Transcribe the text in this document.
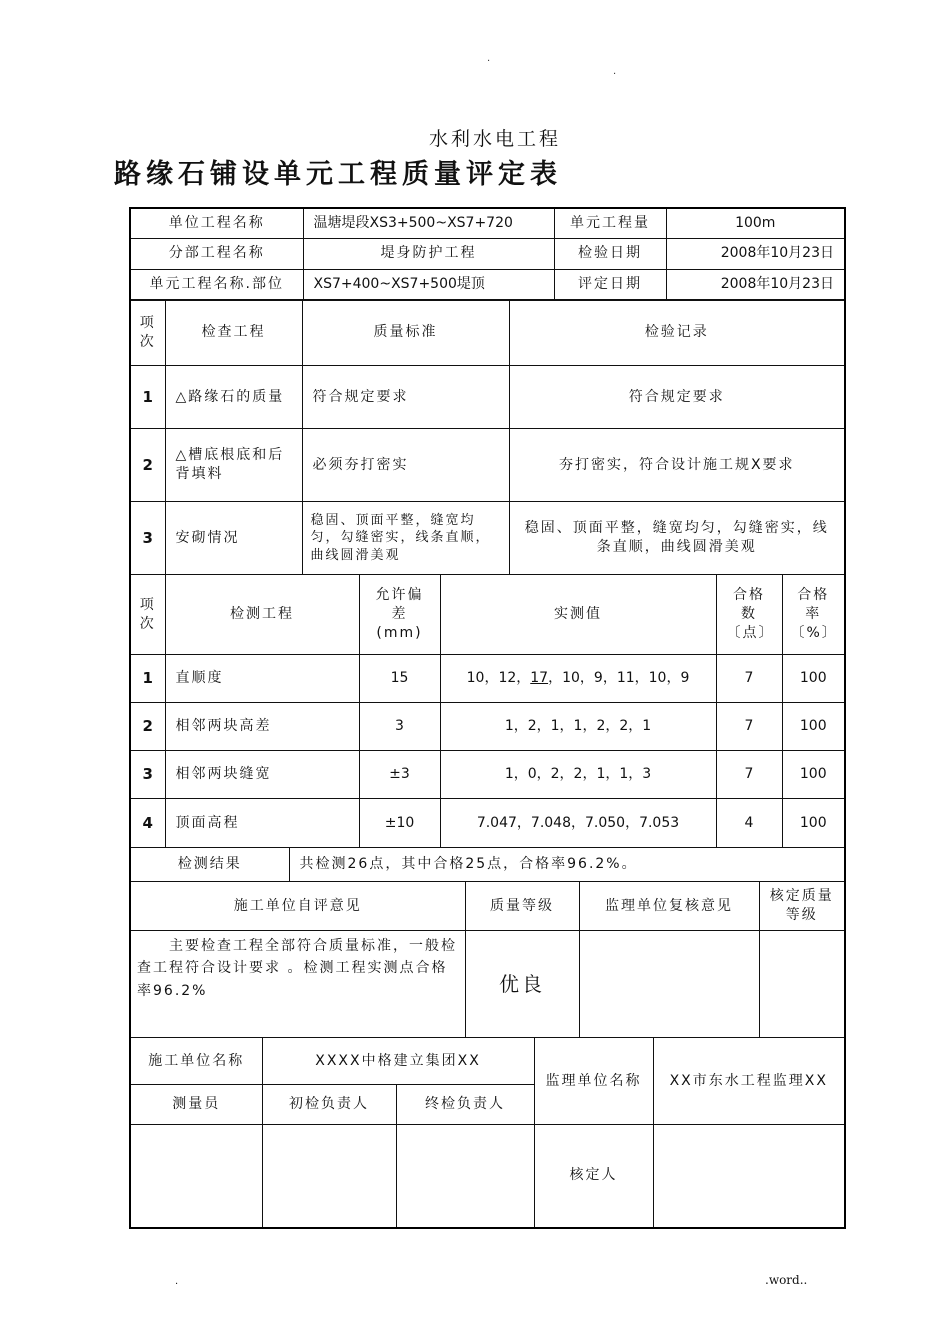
.
.
水利水电工程
路缘石铺设单元工程质量评定表
单位工程名称	温塘堤段XS3+500~XS7+720	单元工程量	100m
分部工程名称	堤身防护工程	检验日期	2008年10月23日
单元工程名称.部位	XS7+400~XS7+500堤顶	评定日期	2008年10月23日
项次	检查工程	质量标准	检验记录
1	△路缘石的质量	符合规定要求	符合规定要求
2	△槽底根底和后背填料	必须夯打密实	夯打密实，符合设计施工规X要求
3	安砌情况	稳固、顶面平整，缝宽均匀，勾缝密实，线条直顺，曲线圆滑美观	稳固、顶面平整，缝宽均匀，勾缝密实，线条直顺，曲线圆滑美观
项次	检测工程	允许偏差(mm)	实测值	合格数〔点〕	合格率〔%〕
1	直顺度	15	10，12，17，10，9，11，10，9	7	100
2	相邻两块高差	3	1，2，1，1，2，2，1	7	100
3	相邻两块缝宽	±3	1，0，2，2，1，1，3	7	100
4	顶面高程	±10	7.047，7.048，7.050，7.053	4	100
检测结果	共检测26点，其中合格25点，合格率96.2%。
施工单位自评意见	质量等级	监理单位复核意见	核定质量等级
主要检查工程全部符合质量标准，一般检查工程符合设计要求 。检测工程实测点合格率96.2%	优良		
施工单位名称	XXXX中格建立集团XX		监理单位名称	XX市东水工程监理XX
测量员	初检负责人	终检负责人		
			核定人	
.	.word..
